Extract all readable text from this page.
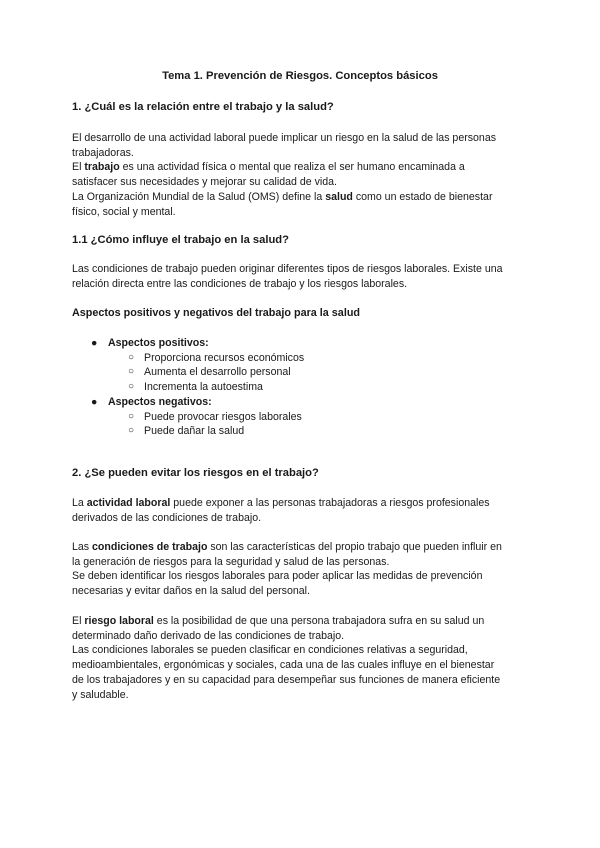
Tema 1. Prevención de Riesgos. Conceptos básicos
1. ¿Cuál es la relación entre el trabajo y la salud?
El desarrollo de una actividad laboral puede implicar un riesgo en la salud de las personas
trabajadoras.
El trabajo es una actividad física o mental que realiza el ser humano encaminada a
satisfacer sus necesidades y mejorar su calidad de vida.
La Organización Mundial de la Salud (OMS) define la salud como un estado de bienestar
físico, social y mental.
1.1 ¿Cómo influye el trabajo en la salud?
Las condiciones de trabajo pueden originar diferentes tipos de riesgos laborales. Existe una
relación directa entre las condiciones de trabajo y los riesgos laborales.
Aspectos positivos y negativos del trabajo para la salud
● Aspectos positivos:
○ Proporciona recursos económicos
○ Aumenta el desarrollo personal
○ Incrementa la autoestima
● Aspectos negativos:
○ Puede provocar riesgos laborales
○ Puede dañar la salud
2. ¿Se pueden evitar los riesgos en el trabajo?
La actividad laboral puede exponer a las personas trabajadoras a riesgos profesionales
derivados de las condiciones de trabajo.
Las condiciones de trabajo son las características del propio trabajo que pueden influir en
la generación de riesgos para la seguridad y salud de las personas.
Se deben identificar los riesgos laborales para poder aplicar las medidas de prevención
necesarias y evitar daños en la salud del personal.
El riesgo laboral es la posibilidad de que una persona trabajadora sufra en su salud un
determinado daño derivado de las condiciones de trabajo.
Las condiciones laborales se pueden clasificar en condiciones relativas a seguridad,
medioambientales, ergonómicas y sociales, cada una de las cuales influye en el bienestar
de los trabajadores y en su capacidad para desempeñar sus funciones de manera eficiente
y saludable.
